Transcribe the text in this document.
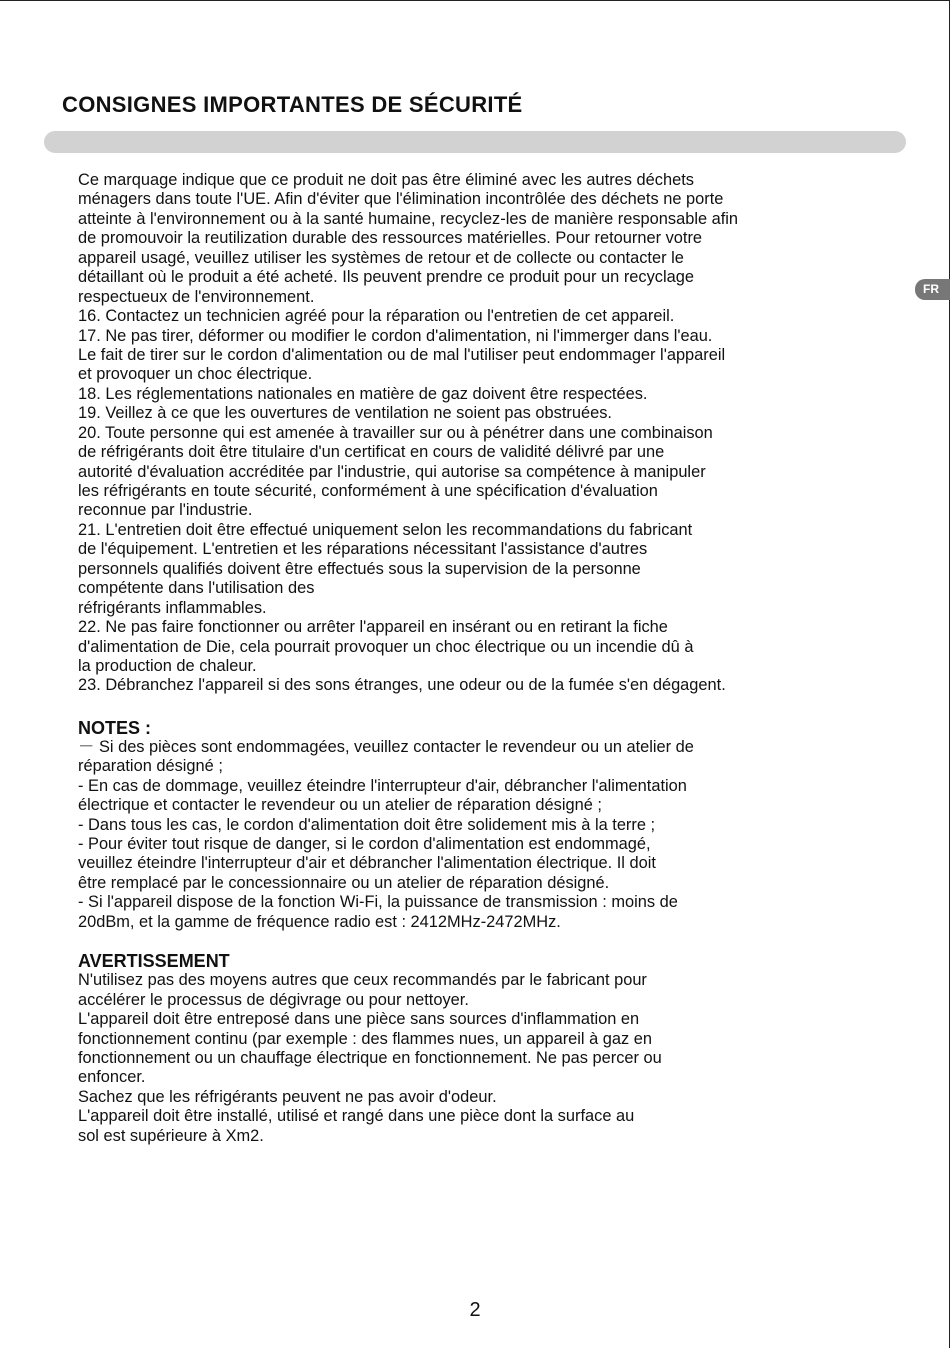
CONSIGNES IMPORTANTES DE SÉCURITÉ
FR
Ce marquage indique que ce produit ne doit pas être éliminé avec les autres déchets
ménagers dans toute l'UE. Afin d'éviter que l'élimination incontrôlée des déchets ne porte
atteinte à l'environnement ou à la santé humaine, recyclez-les de manière responsable afin
de promouvoir la reutilization durable des ressources matérielles. Pour retourner votre
appareil usagé, veuillez utiliser les systèmes de retour et de collecte ou contacter le
détaillant où le produit a été acheté. Ils peuvent prendre ce produit pour un recyclage
respectueux de l'environnement.
16. Contactez un technicien agréé pour la réparation ou l'entretien de cet appareil.
17. Ne pas tirer, déformer ou modifier le cordon d'alimentation, ni l'immerger dans l'eau.
Le fait de tirer sur le cordon d'alimentation ou de mal l'utiliser peut endommager l'appareil
et provoquer un choc électrique.
18. Les réglementations nationales en matière de gaz doivent être respectées.
19. Veillez à ce que les ouvertures de ventilation ne soient pas obstruées.
20. Toute personne qui est amenée à travailler sur ou à pénétrer dans une combinaison
de réfrigérants doit être titulaire d'un certificat en cours de validité délivré par une
autorité d'évaluation accréditée par l'industrie, qui autorise sa compétence à manipuler
les réfrigérants en toute sécurité, conformément à une spécification d'évaluation
reconnue par l'industrie.
21. L'entretien doit être effectué uniquement selon les recommandations du fabricant
de l'équipement. L'entretien et les réparations nécessitant l'assistance d'autres
personnels qualifiés doivent être effectués sous la supervision de la personne
compétente dans l'utilisation des
réfrigérants inflammables.
22. Ne pas faire fonctionner ou arrêter l'appareil en insérant ou en retirant la fiche
d'alimentation de Die, cela pourrait provoquer un choc électrique ou un incendie dû à
la production de chaleur.
23. Débranchez l'appareil si des sons étranges, une odeur ou de la fumée s'en dégagent.
NOTES :
－ Si des pièces sont endommagées, veuillez contacter le revendeur ou un atelier de
réparation désigné ;
- En cas de dommage, veuillez éteindre l'interrupteur d'air, débrancher l'alimentation
électrique et contacter le revendeur ou un atelier de réparation désigné ;
- Dans tous les cas, le cordon d'alimentation doit être solidement mis à la terre ;
- Pour éviter tout risque de danger, si le cordon d'alimentation est endommagé,
veuillez éteindre l'interrupteur d'air et débrancher l'alimentation électrique. Il doit
être remplacé par le concessionnaire ou un atelier de réparation désigné.
- Si l'appareil dispose de la fonction Wi-Fi, la puissance de transmission : moins de
20dBm, et la gamme de fréquence radio est : 2412MHz-2472MHz.
AVERTISSEMENT
N'utilisez pas des moyens autres que ceux recommandés par le fabricant pour
accélérer le processus de dégivrage ou pour nettoyer.
L'appareil doit être entreposé dans une pièce sans sources d'inflammation en
fonctionnement continu (par exemple : des flammes nues, un appareil à gaz en
fonctionnement ou un chauffage électrique en fonctionnement. Ne pas percer ou
enfoncer.
Sachez que les réfrigérants peuvent ne pas avoir d'odeur.
L'appareil doit être installé, utilisé et rangé dans une pièce dont la surface au
sol est supérieure à Xm2.
2
